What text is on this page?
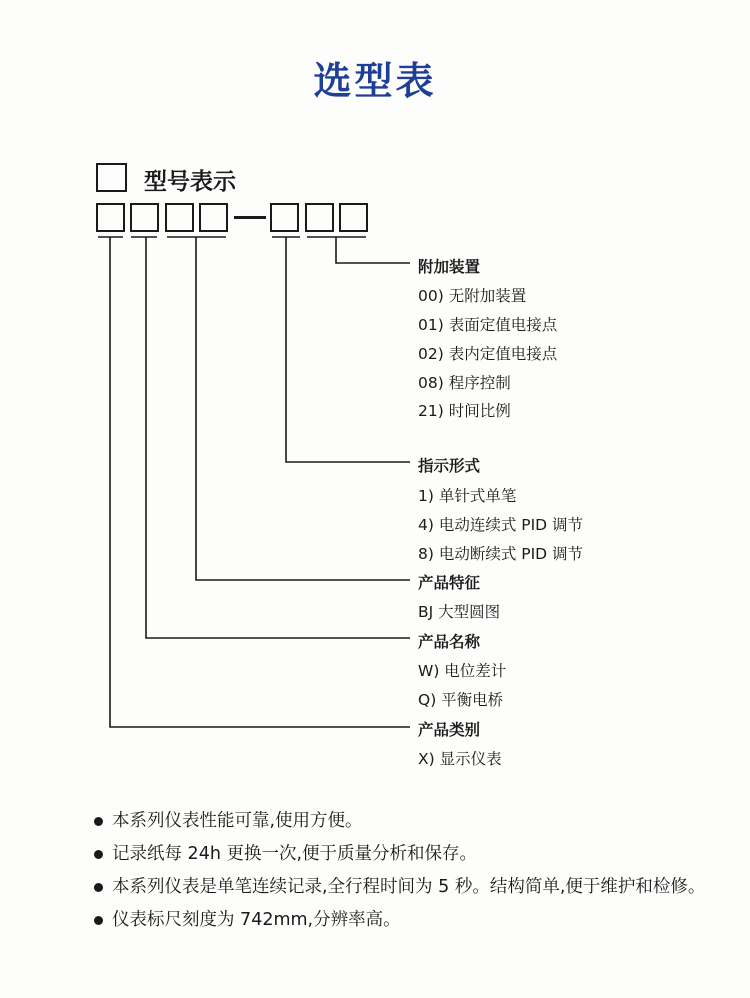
选型表
型号表示
附加装置
00) 无附加装置
01) 表面定值电接点
02) 表内定值电接点
08) 程序控制
21) 时间比例
指示形式
1) 单针式单笔
4) 电动连续式 PID 调节
8) 电动断续式 PID 调节
产品特征
BJ 大型圆图
产品名称
W) 电位差计
Q) 平衡电桥
产品类别
X) 显示仪表
本系列仪表性能可靠,使用方便。
记录纸每 24h 更换一次,便于质量分析和保存。
本系列仪表是单笔连续记录,全行程时间为 5 秒。结构简单,便于维护和检修。
仪表标尺刻度为 742mm,分辨率高。
